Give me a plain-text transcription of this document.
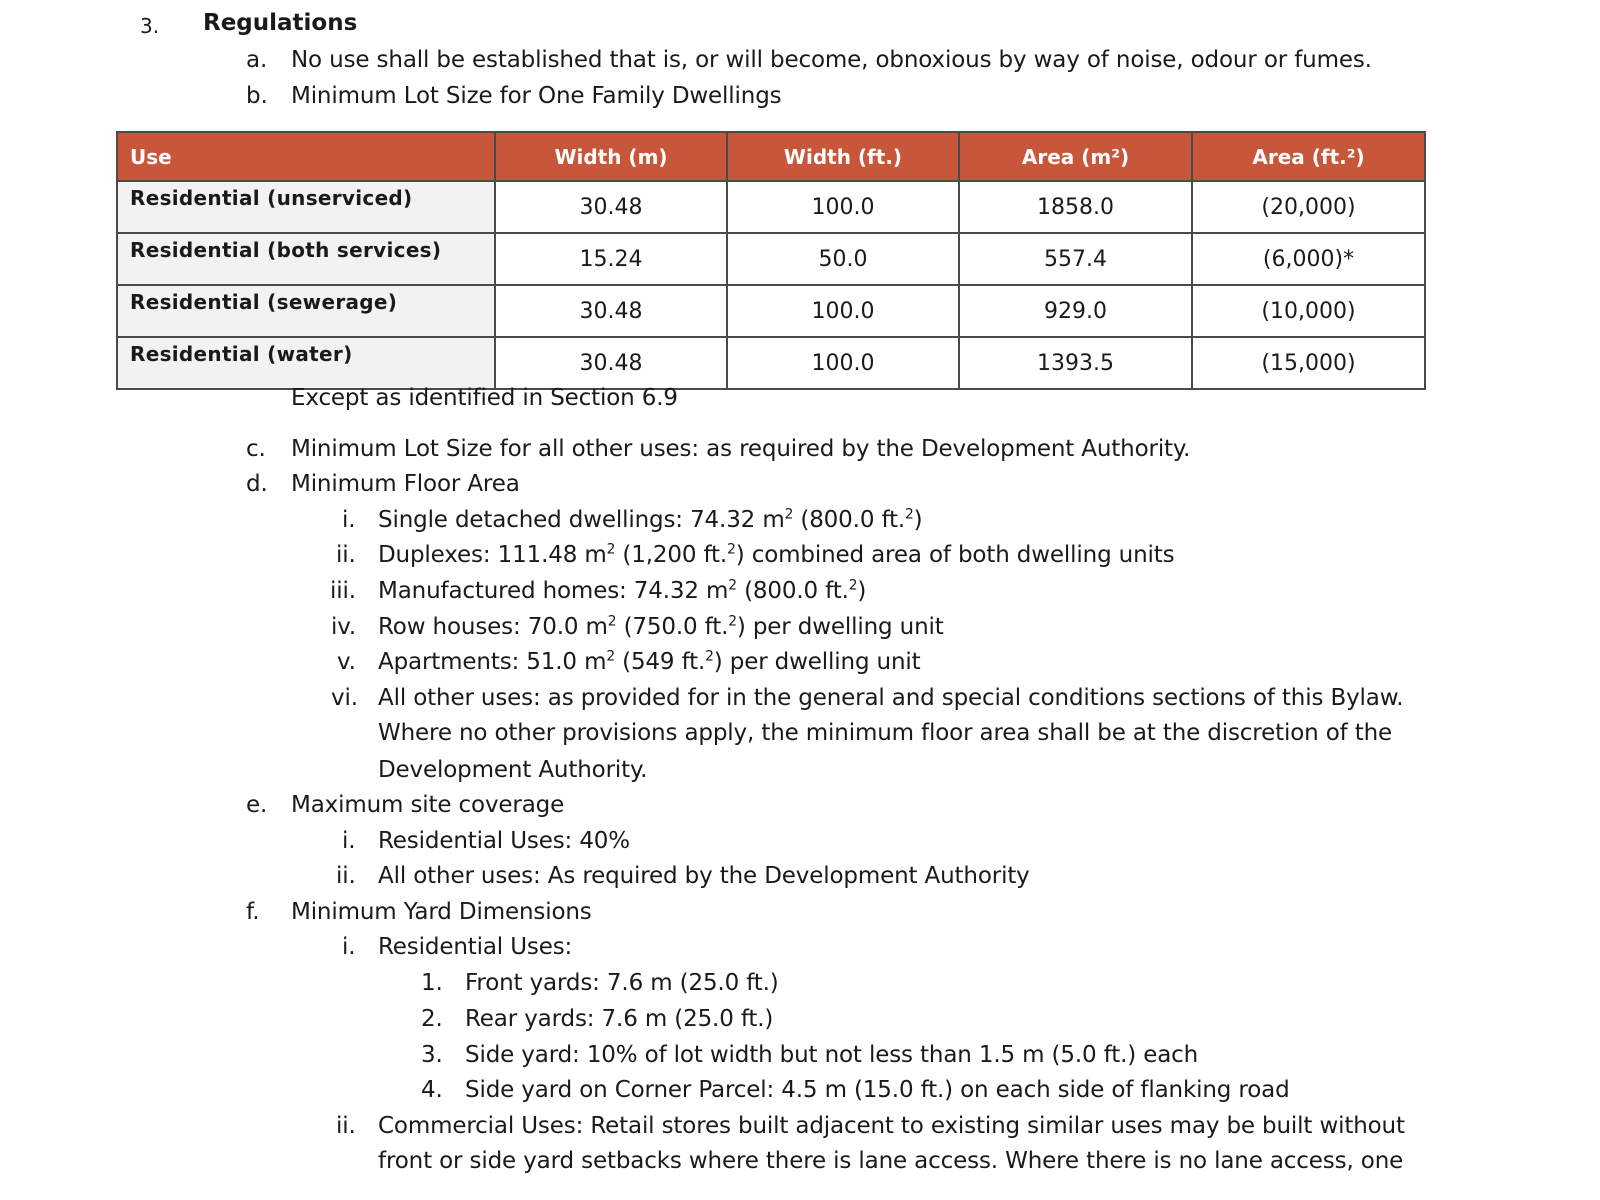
3. Regulations
a. No use shall be established that is, or will become, obnoxious by way of noise, odour or fumes.
b. Minimum Lot Size for One Family Dwellings
Use	Width (m)	Width (ft.)	Area (m²)	Area (ft.²)
Residential (unserviced)	30.48	100.0	1858.0	(20,000)
Residential (both services)	15.24	50.0	557.4	(6,000)*
Residential (sewerage)	30.48	100.0	929.0	(10,000)
Residential (water)	30.48	100.0	1393.5	(15,000)
Except as identified in Section 6.9
c. Minimum Lot Size for all other uses: as required by the Development Authority.
d. Minimum Floor Area
i. Single detached dwellings: 74.32 $m^2$ (800.0 ft.$^2$)
ii. Duplexes: 111.48 $m^2$ (1,200 ft.$^2$) combined area of both dwelling units
iii. Manufactured homes: 74.32 $m^2$ (800.0 ft.$^2$)
iv. Row houses: 70.0 $m^2$ (750.0 ft.$^2$) per dwelling unit
v. Apartments: 51.0 $m^2$ (549 ft.$^2$) per dwelling unit
vi. All other uses: as provided for in the general and special conditions sections of this Bylaw.
Where no other provisions apply, the minimum floor area shall be at the discretion of the
Development Authority.
e. Maximum site coverage
i. Residential Uses: 40%
ii. All other uses: As required by the Development Authority
f. Minimum Yard Dimensions
i. Residential Uses:
1. Front yards: 7.6 m (25.0 ft.)
2. Rear yards: 7.6 m (25.0 ft.)
3. Side yard: 10% of lot width but not less than 1.5 m (5.0 ft.) each
4. Side yard on Corner Parcel: 4.5 m (15.0 ft.) on each side of flanking road
ii. Commercial Uses: Retail stores built adjacent to existing similar uses may be built without
front or side yard setbacks where there is lane access. Where there is no lane access, one
